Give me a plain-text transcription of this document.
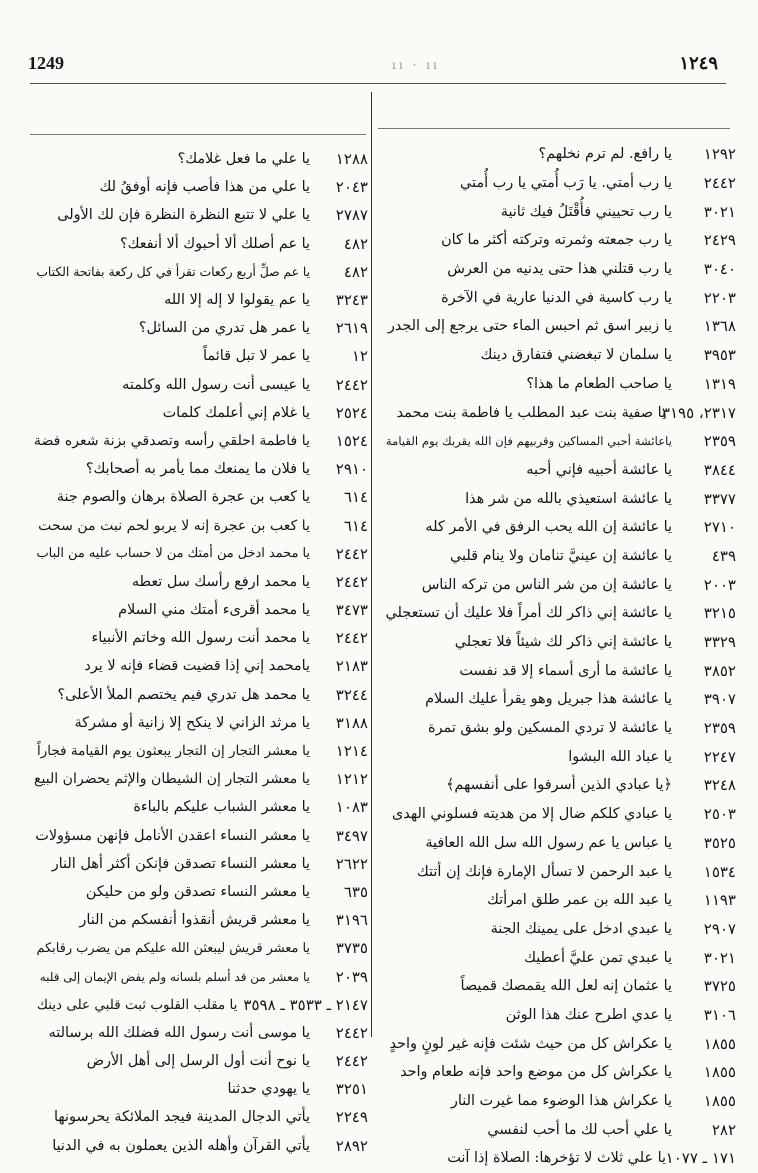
1249	ıı · ıı	١٢٤٩
١٢٩٢
يا رافع. لم ترم نخلهم؟
٢٤٤٢
يا رب أمتي. يا رَب أُمتي يا رب أُمتي
٣٠٢١
يا رب تحييني فأُقْتَلُ فيك ثانية
٢٤٢٩
يا رب جمعته وثمرته وتركته أكثر ما كان
٣٠٤٠
يا رب قتلني هذا حتى يدنيه من العرش
٢٢٠٣
يا رب كاسية في الدنيا عارية في الآخرة
١٣٦٨
يا زبير اسق ثم احبس الماء حتى يرجع إلى الجدر
٣٩٥٣
يا سلمان لا تبغضني فتفارق دينك
١٣١٩
يا صاحب الطعام ما هذا؟
٢٣١٧، ٣١٩٥
يا صفية بنت عبد المطلب يا فاطمة بنت محمد
٢٣٥٩
ياعائشة أحبي المساكين وقربيهم فإن الله يقربك يوم القيامة
٣٨٤٤
يا عائشة أحبيه فإني أحبه
٣٣٧٧
يا عائشة استعيذي بالله من شر هذا
٢٧١٠
يا عائشة إن الله يحب الرفق في الأمر كله
٤٣٩
يا عائشة إن عينيَّ تنامان ولا ينام قلبي
٢٠٠٣
يا عائشة إن من شر الناس من تركه الناس
٣٢١٥
يا عائشة إني ذاكر لك أمراً فلا عليك أن تستعجلي
٣٣٢٩
يا عائشة إني ذاكر لك شيئاً فلا تعجلي
٣٨٥٢
يا عائشة ما أرى أسماء إلا قد نفست
٣٩٠٧
يا عائشة هذا جبريل وهو يقرأ عليك السلام
٢٣٥٩
يا عائشة لا تردي المسكين ولو بشق تمرة
٢٢٤٧
يا عباد الله البشوا
٣٢٤٨
﴿يا عبادي الذين أسرفوا على أنفسهم﴾
٢٥٠٣
يا عبادي كلكم ضال إلا من هديته فسلوني الهدى
٣٥٢٥
يا عباس يا عم رسول الله سل الله العافية
١٥٣٤
يا عبد الرحمن لا تسأل الإمارة فإنك إن أتتك
١١٩٣
يا عبد الله بن عمر طلق امرأتك
٢٩٠٧
يا عبدي ادخل على يمينك الجنة
٣٠٢١
يا عبدي تمن عليَّ أعطيك
٣٧٢٥
يا عثمان إنه لعل الله يقمصك قميصاً
٣١٠٦
يا عدي اطرح عنك هذا الوثن
١٨٥٥
يا عكراش كل من حيث شئت فإنه غير لونٍ واحدٍ
١٨٥٥
يا عكراش كل من موضع واحد فإنه طعام واحد
١٨٥٥
يا عكراش هذا الوضوء مما غيرت النار
٢٨٢
يا علي أحب لك ما أحب لنفسي
١٧١ ـ ١٠٧٧
يا علي ثلاث لا تؤخرها: الصلاة إذا آنت
١٢٨٨
يا علي ما فعل غلامك؟
٢٠٤٣
يا علي من هذا فأصب فإنه أوفقُ لك
٢٧٨٧
يا علي لا تتبع النظرة النظرة فإن لك الأولى
٤٨٢
يا عم أصلك ألا أحبوك ألا أنفعك؟
٤٨٢
يا عم صلِّ أربع ركعات تقرأ في كل ركعة بفاتحة الكتاب
٣٢٤٣
يا عم يقولوا لا إله إلا الله
٢٦١٩
يا عمر هل تدري من السائل؟
١٢
يا عمر لا تبل قائماً
٢٤٤٢
يا عيسى أنت رسول الله وكلمته
٢٥٢٤
يا غلام إني أعلمك كلمات
١٥٢٤
يا فاطمة احلقي رأسه وتصدقي بزنة شعره فضة
٢٩١٠
يا فلان ما يمنعك مما يأمر به أصحابك؟
٦١٤
يا كعب بن عجرة الصلاة برهان والصوم جنة
٦١٤
يا كعب بن عجرة إنه لا يربو لحم نبت من سحت
٢٤٤٢
يا محمد ادخل من أمتك من لا حساب عليه من الباب
٢٤٤٢
يا محمد ارفع رأسك سل تعطه
٣٤٧٣
يا محمد أقرىء أمتك مني السلام
٢٤٤٢
يا محمد أنت رسول الله وخاتم الأنبياء
٢١٨٣
يامحمد إني إذا قضيت قضاء فإنه لا يرد
٣٢٤٤
يا محمد هل تدري فيم يختصم الملأ الأعلى؟
٣١٨٨
يا مرثد الزاني لا ينكح إلا زانية أو مشركة
١٢١٤
يا معشر التجار إن التجار يبعثون يوم القيامة فجاراً
١٢١٢
يا معشر التجار إن الشيطان والإثم يحضران البيع
١٠٨٣
يا معشر الشباب عليكم بالباءة
٣٤٩٧
يا معشر النساء اعقدن الأنامل فإنهن مسؤولات
٢٦٢٢
يا معشر النساء تصدقن فإنكن أكثر أهل النار
٦٣٥
يا معشر النساء تصدقن ولو من حليكن
٣١٩٦
يا معشر قريش أنقذوا أنفسكم من النار
٣٧٣٥
يا معشر قريش ليبعثن الله عليكم من يضرب رقابكم
٢٠٣٩
يا معشر من قد أسلم بلسانه ولم يفض الإيمان إلى قلبه
٢١٤٧ ـ ٣٥٣٣ ـ ٣٥٩٨
يا مقلب القلوب ثبت قلبي على دينك
٢٤٤٢
يا موسى أنت رسول الله فضلك الله برسالته
٢٤٤٢
يا نوح أنت أول الرسل إلى أهل الأرض
٣٢٥١
يا يهودي حدثنا
٢٢٤٩
يأتي الدجال المدينة فيجد الملائكة يحرسونها
٢٨٩٢
يأتي القرآن وأهله الذين يعملون به في الدنيا
